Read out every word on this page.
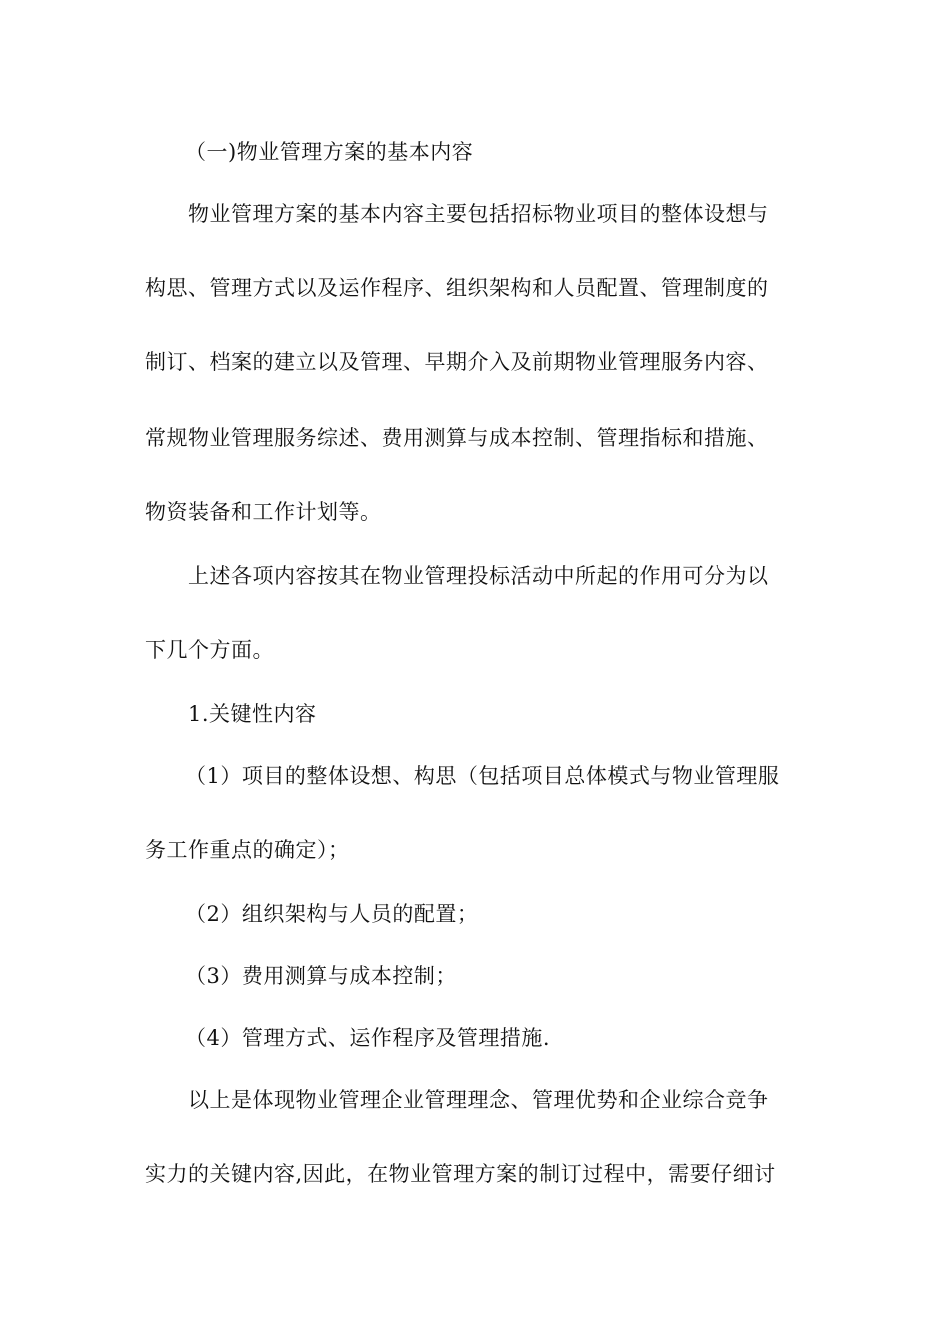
（一)物业管理方案的基本内容
物业管理方案的基本内容主要包括招标物业项目的整体设想与
构思、管理方式以及运作程序、组织架构和人员配置、管理制度的
制订、档案的建立以及管理、早期介入及前期物业管理服务内容、
常规物业管理服务综述、费用测算与成本控制、管理指标和措施、
物资装备和工作计划等。
上述各项内容按其在物业管理投标活动中所起的作用可分为以
下几个方面。
1.关键性内容
（1）项目的整体设想、构思（包括项目总体模式与物业管理服
务工作重点的确定）；
（2）组织架构与人员的配置；
（3）费用测算与成本控制；
（4）管理方式、运作程序及管理措施.
以上是体现物业管理企业管理理念、管理优势和企业综合竞争
实力的关键内容,因此，在物业管理方案的制订过程中，需要仔细讨
